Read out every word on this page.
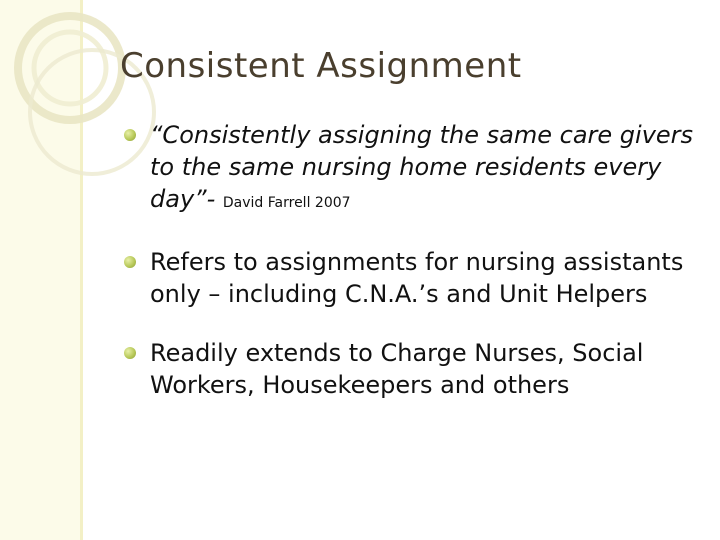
Consistent Assignment
“Consistently assigning the same care givers to the same nursing home residents every day”- David Farrell 2007
Refers to assignments for nursing assistants only – including C.N.A.’s and Unit Helpers
Readily extends to Charge Nurses, Social Workers, Housekeepers and others
